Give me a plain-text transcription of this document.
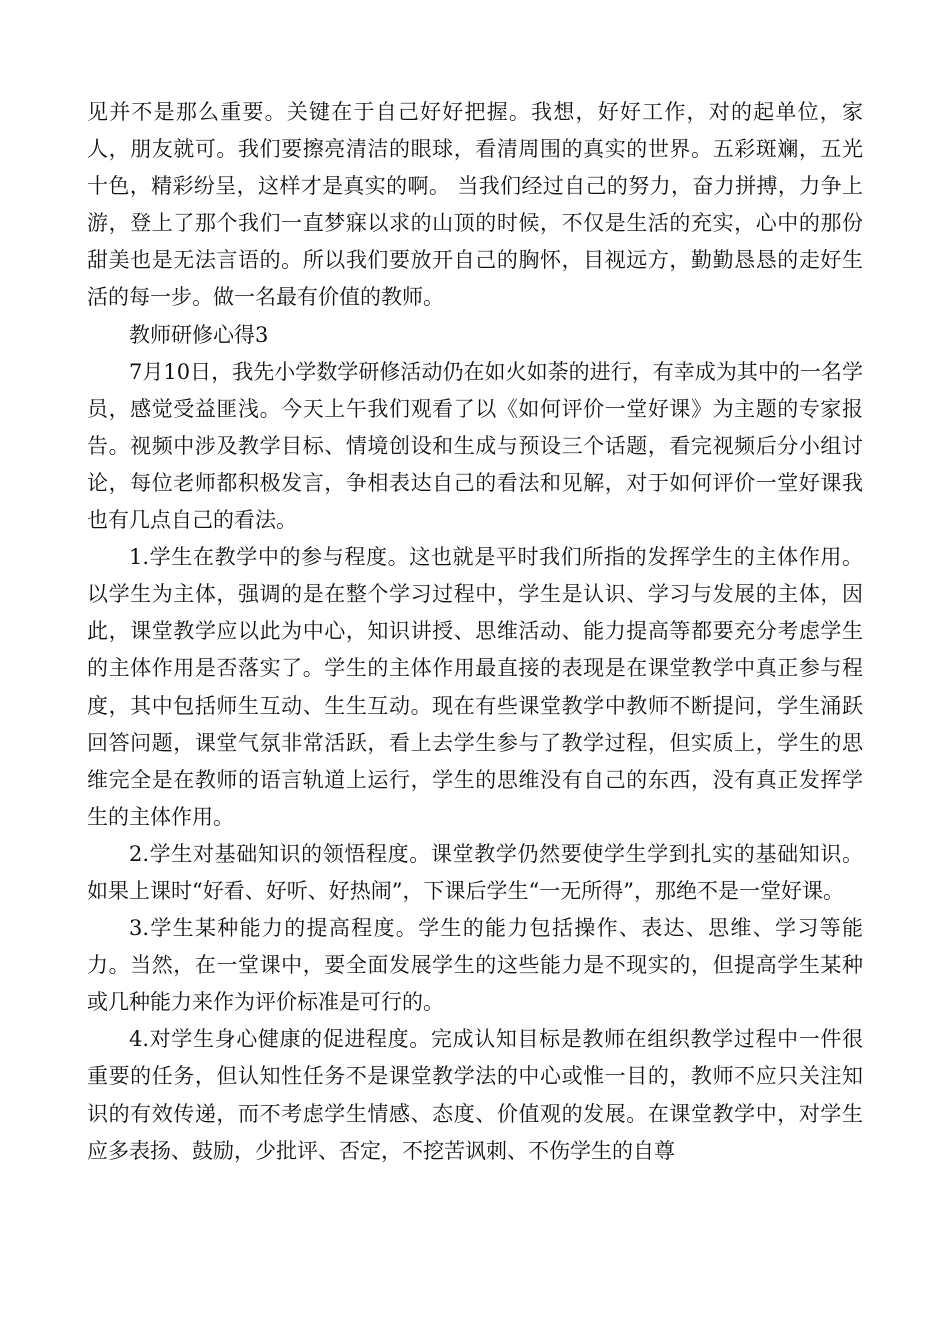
见并不是那么重要。关键在于自己好好把握。我想，好好工作，对的起单位，家人，朋友就可。我们要擦亮清洁的眼球，看清周围的真实的世界。五彩斑斓，五光十色，精彩纷呈，这样才是真实的啊。 当我们经过自己的努力，奋力拼搏，力争上游，登上了那个我们一直梦寐以求的山顶的时候，不仅是生活的充实，心中的那份甜美也是无法言语的。所以我们要放开自己的胸怀，目视远方，勤勤恳恳的走好生活的每一步。做一名最有价值的教师。

教师研修心得3

7月10日，我先小学数学研修活动仍在如火如荼的进行，有幸成为其中的一名学员，感觉受益匪浅。今天上午我们观看了以《如何评价一堂好课》为主题的专家报告。视频中涉及教学目标、情境创设和生成与预设三个话题，看完视频后分小组讨论，每位老师都积极发言，争相表达自己的看法和见解，对于如何评价一堂好课我也有几点自己的看法。

1.学生在教学中的参与程度。这也就是平时我们所指的发挥学生的主体作用。以学生为主体，强调的是在整个学习过程中，学生是认识、学习与发展的主体，因此，课堂教学应以此为中心，知识讲授、思维活动、能力提高等都要充分考虑学生的主体作用是否落实了。学生的主体作用最直接的表现是在课堂教学中真正参与程度，其中包括师生互动、生生互动。现在有些课堂教学中教师不断提问，学生涌跃回答问题，课堂气氛非常活跃，看上去学生参与了教学过程，但实质上，学生的思维完全是在教师的语言轨道上运行，学生的思维没有自己的东西，没有真正发挥学生的主体作用。

2.学生对基础知识的领悟程度。课堂教学仍然要使学生学到扎实的基础知识。如果上课时“好看、好听、好热闹”，下课后学生“一无所得”，那绝不是一堂好课。

3.学生某种能力的提高程度。学生的能力包括操作、表达、思维、学习等能力。当然，在一堂课中，要全面发展学生的这些能力是不现实的，但提高学生某种或几种能力来作为评价标准是可行的。

4.对学生身心健康的促进程度。完成认知目标是教师在组织教学过程中一件很重要的任务，但认知性任务不是课堂教学法的中心或惟一目的，教师不应只关注知识的有效传递，而不考虑学生情感、态度、价值观的发展。在课堂教学中，对学生应多表扬、鼓励，少批评、否定，不挖苦讽刺、不伤学生的自尊
